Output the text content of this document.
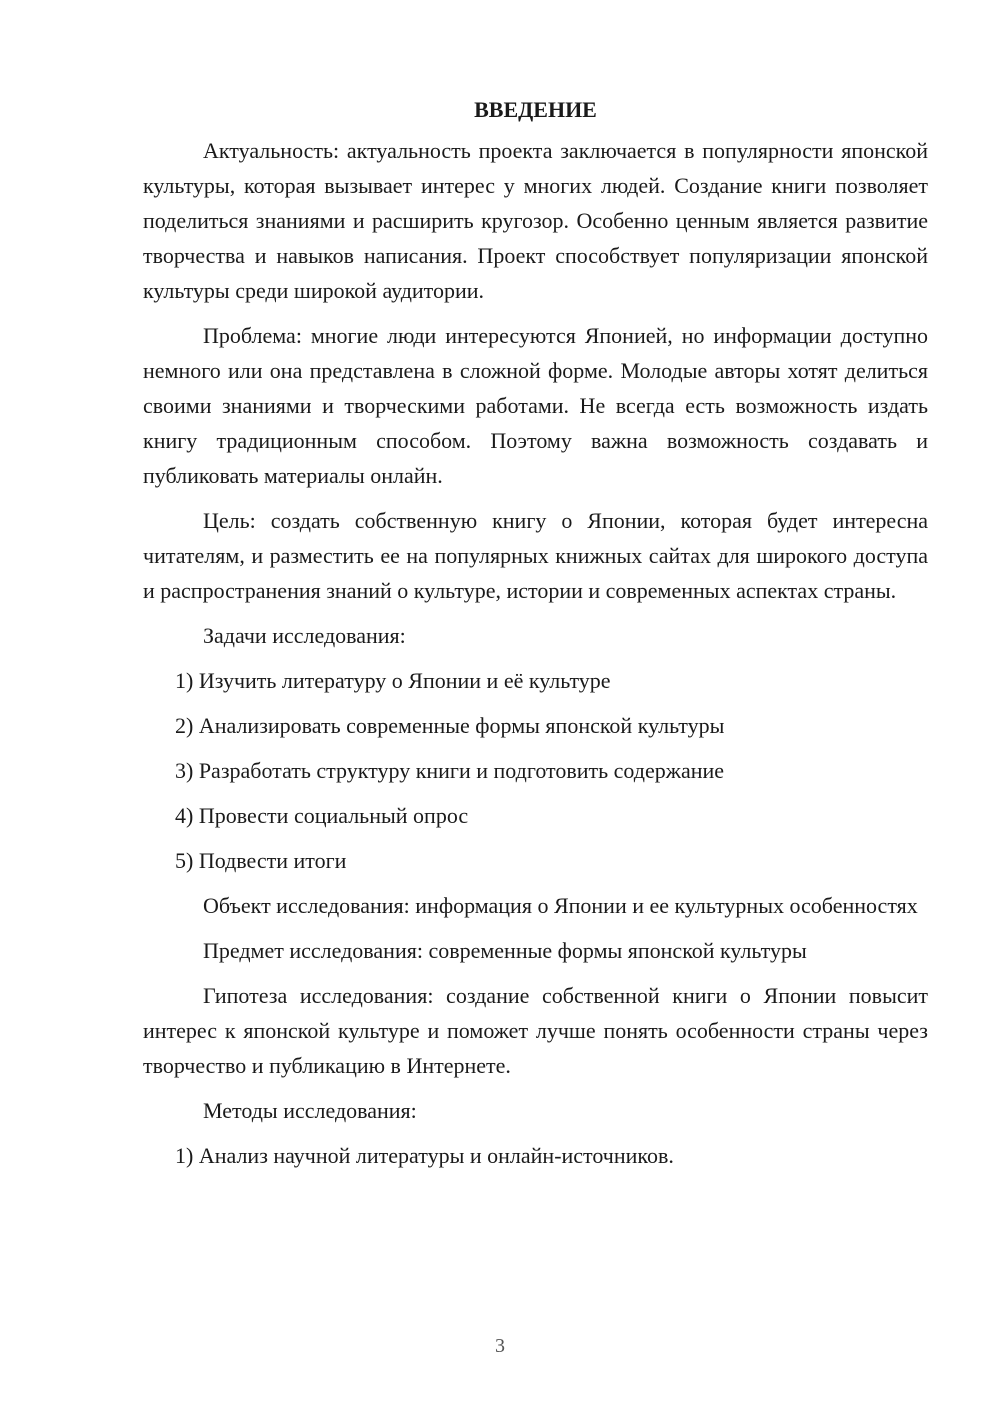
ВВЕДЕНИЕ

Актуальность: актуальность проекта заключается в популярности японской культуры, которая вызывает интерес у многих людей. Создание книги позволяет поделиться знаниями и расширить кругозор. Особенно ценным является развитие творчества и навыков написания. Проект способствует популяризации японской культуры среди широкой аудитории.

Проблема: многие люди интересуются Японией, но информации доступно немного или она представлена в сложной форме. Молодые авторы хотят делиться своими знаниями и творческими работами. Не всегда есть возможность издать книгу традиционным способом. Поэтому важна возможность создавать и публиковать материалы онлайн.

Цель: создать собственную книгу о Японии, которая будет интересна читателям, и разместить ее на популярных книжных сайтах для широкого доступа и распространения знаний о культуре, истории и современных аспектах страны.

Задачи исследования:

1) Изучить литературу о Японии и её культуре

2) Анализировать современные формы японской культуры

3) Разработать структуру книги и подготовить содержание

4) Провести социальный опрос

5) Подвести итоги

Объект исследования: информация о Японии и ее культурных особенностях

Предмет исследования: современные формы японской культуры

Гипотеза исследования: создание собственной книги о Японии повысит интерес к японской культуре и поможет лучше понять особенности страны через творчество и публикацию в Интернете.

Методы исследования:

1) Анализ научной литературы и онлайн-источников.

3
